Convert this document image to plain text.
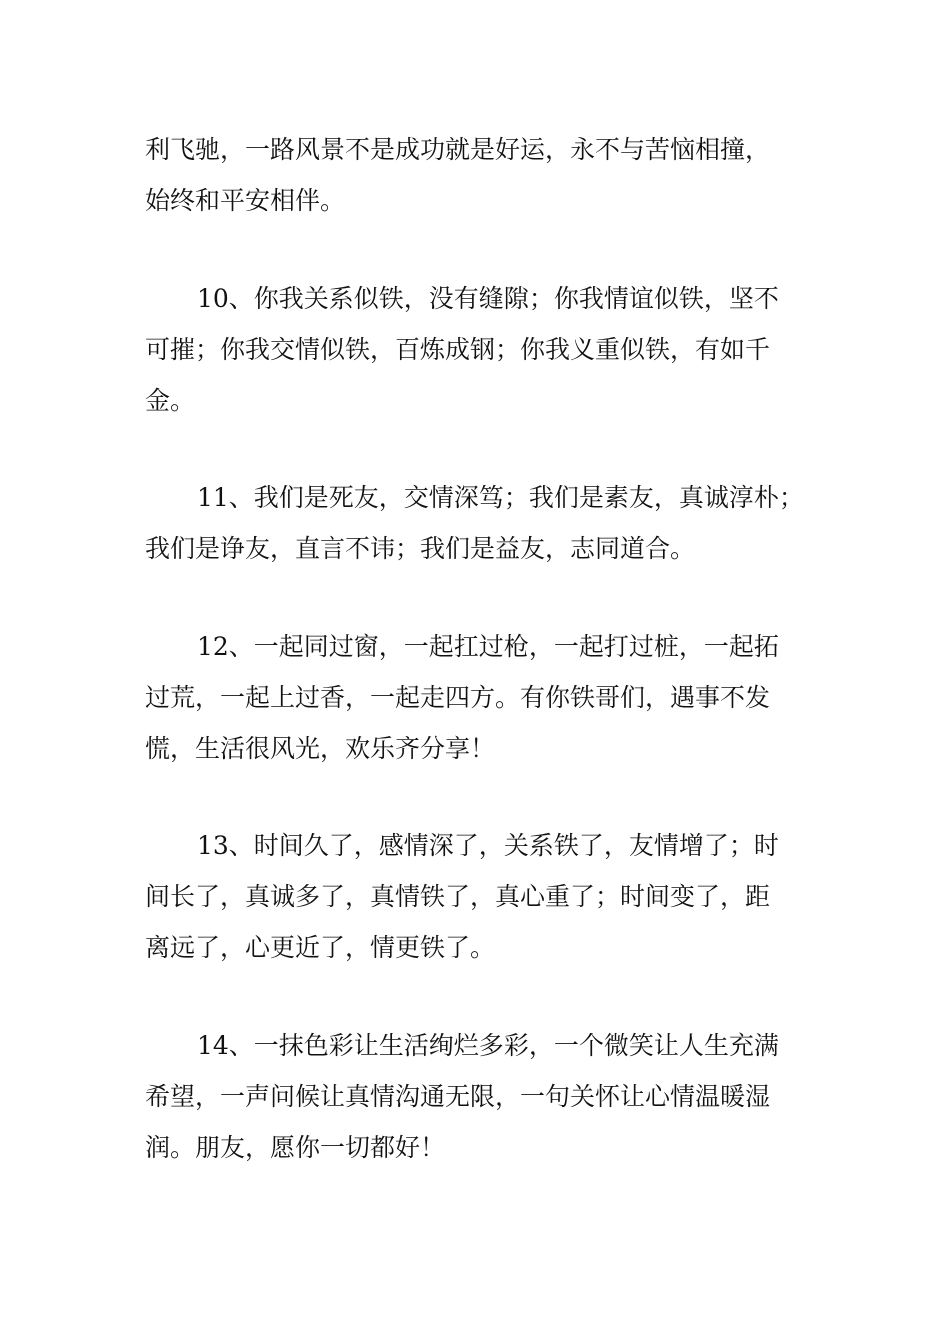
利飞驰，一路风景不是成功就是好运，永不与苦恼相撞，
始终和平安相伴。
10、你我关系似铁，没有缝隙；你我情谊似铁，坚不
可摧；你我交情似铁，百炼成钢；你我义重似铁，有如千
金。
11、我们是死友，交情深笃；我们是素友，真诚淳朴；
我们是诤友，直言不讳；我们是益友，志同道合。
12、一起同过窗，一起扛过枪，一起打过桩，一起拓
过荒，一起上过香，一起走四方。有你铁哥们，遇事不发
慌，生活很风光，欢乐齐分享！
13、时间久了，感情深了，关系铁了，友情增了；时
间长了，真诚多了，真情铁了，真心重了；时间变了，距
离远了，心更近了，情更铁了。
14、一抹色彩让生活绚烂多彩，一个微笑让人生充满
希望，一声问候让真情沟通无限，一句关怀让心情温暖湿
润。朋友，愿你一切都好！
